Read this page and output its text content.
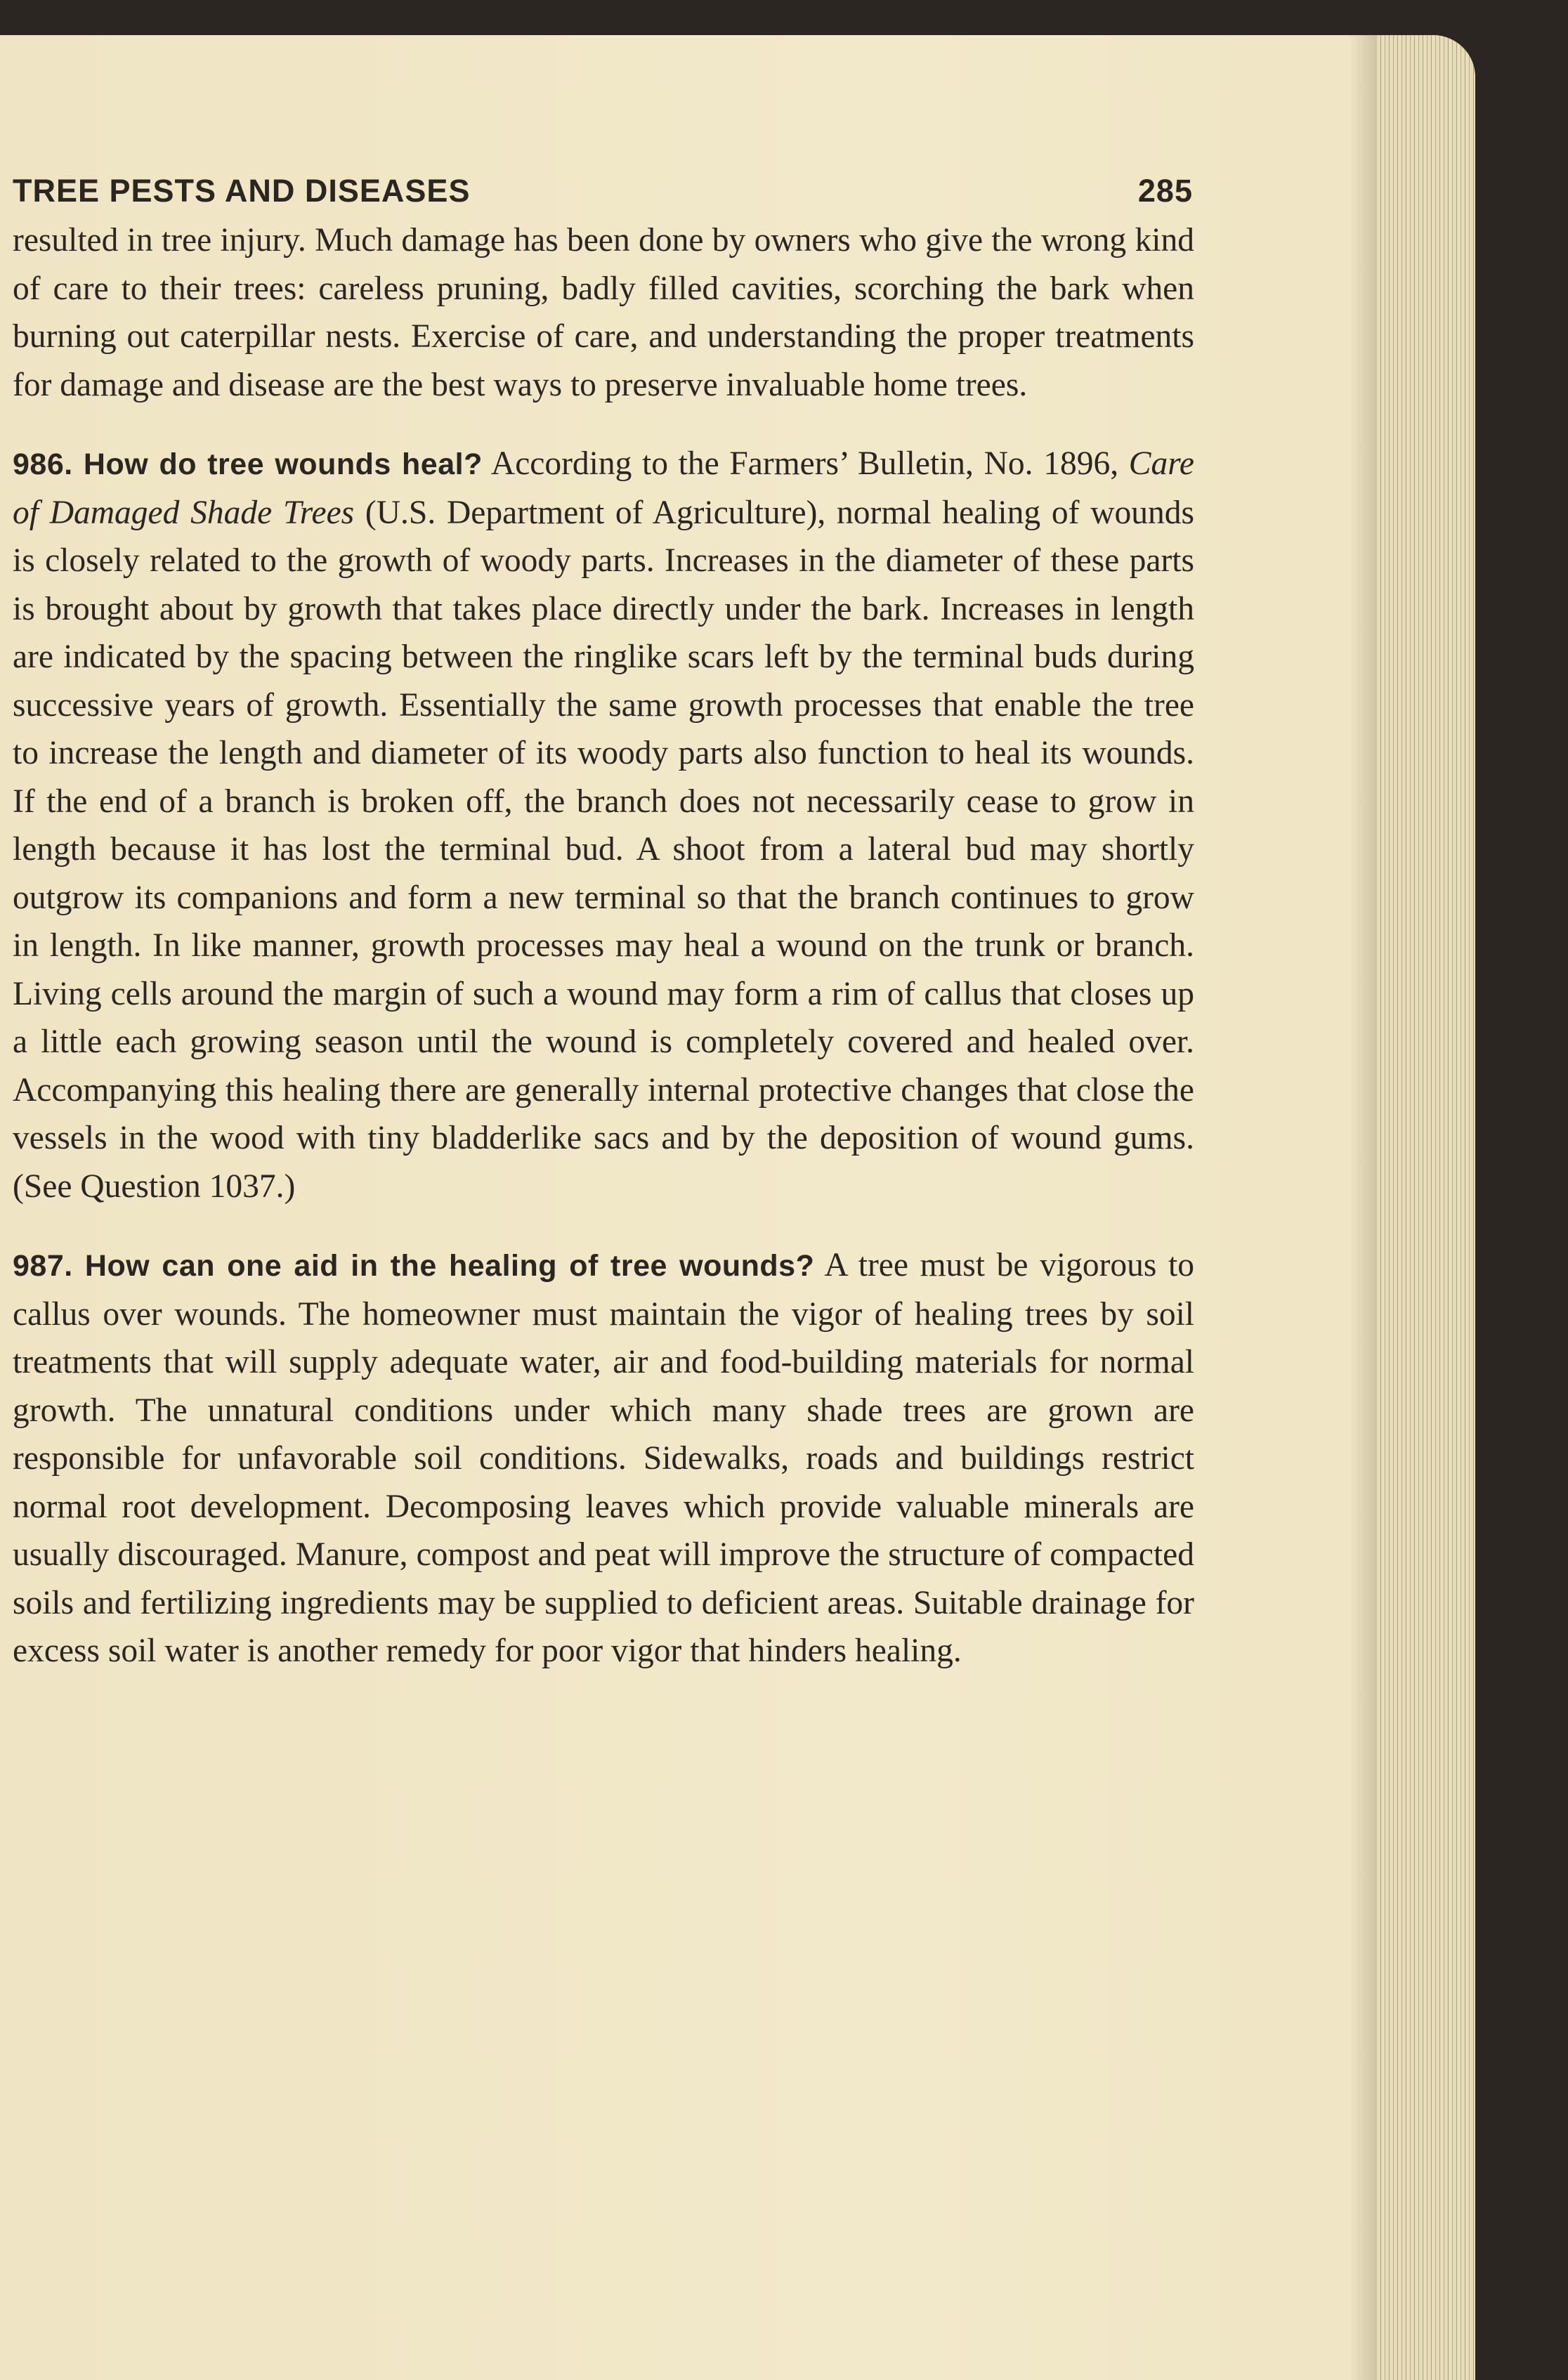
TREE PESTS AND DISEASES	285

resulted in tree injury. Much damage has been done by owners who give the wrong kind of care to their trees: careless pruning, badly filled cavities, scorching the bark when burning out caterpillar nests. Exercise of care, and understanding the proper treatments for damage and disease are the best ways to preserve invaluable home trees.

986. How do tree wounds heal? According to the Farmers’ Bulletin, No. 1896, Care of Damaged Shade Trees (U.S. Department of Agriculture), normal healing of wounds is closely related to the growth of woody parts. Increases in the diameter of these parts is brought about by growth that takes place directly under the bark. Increases in length are indicated by the spacing between the ringlike scars left by the terminal buds during successive years of growth. Essentially the same growth processes that enable the tree to increase the length and diameter of its woody parts also function to heal its wounds. If the end of a branch is broken off, the branch does not necessarily cease to grow in length because it has lost the terminal bud. A shoot from a lateral bud may shortly outgrow its companions and form a new terminal so that the branch continues to grow in length. In like manner, growth processes may heal a wound on the trunk or branch. Living cells around the margin of such a wound may form a rim of callus that closes up a little each growing season until the wound is completely covered and healed over. Accompanying this healing there are generally internal protective changes that close the vessels in the wood with tiny bladderlike sacs and by the deposition of wound gums. (See Question 1037.)

987. How can one aid in the healing of tree wounds? A tree must be vigorous to callus over wounds. The homeowner must maintain the vigor of healing trees by soil treatments that will supply adequate water, air and food-building materials for normal growth. The unnatural conditions under which many shade trees are grown are responsible for unfavorable soil conditions. Sidewalks, roads and buildings restrict normal root development. Decomposing leaves which provide valuable minerals are usually discouraged. Manure, compost and peat will improve the structure of compacted soils and fertilizing ingredients may be supplied to deficient areas. Suitable drainage for excess soil water is another remedy for poor vigor that hinders healing.
